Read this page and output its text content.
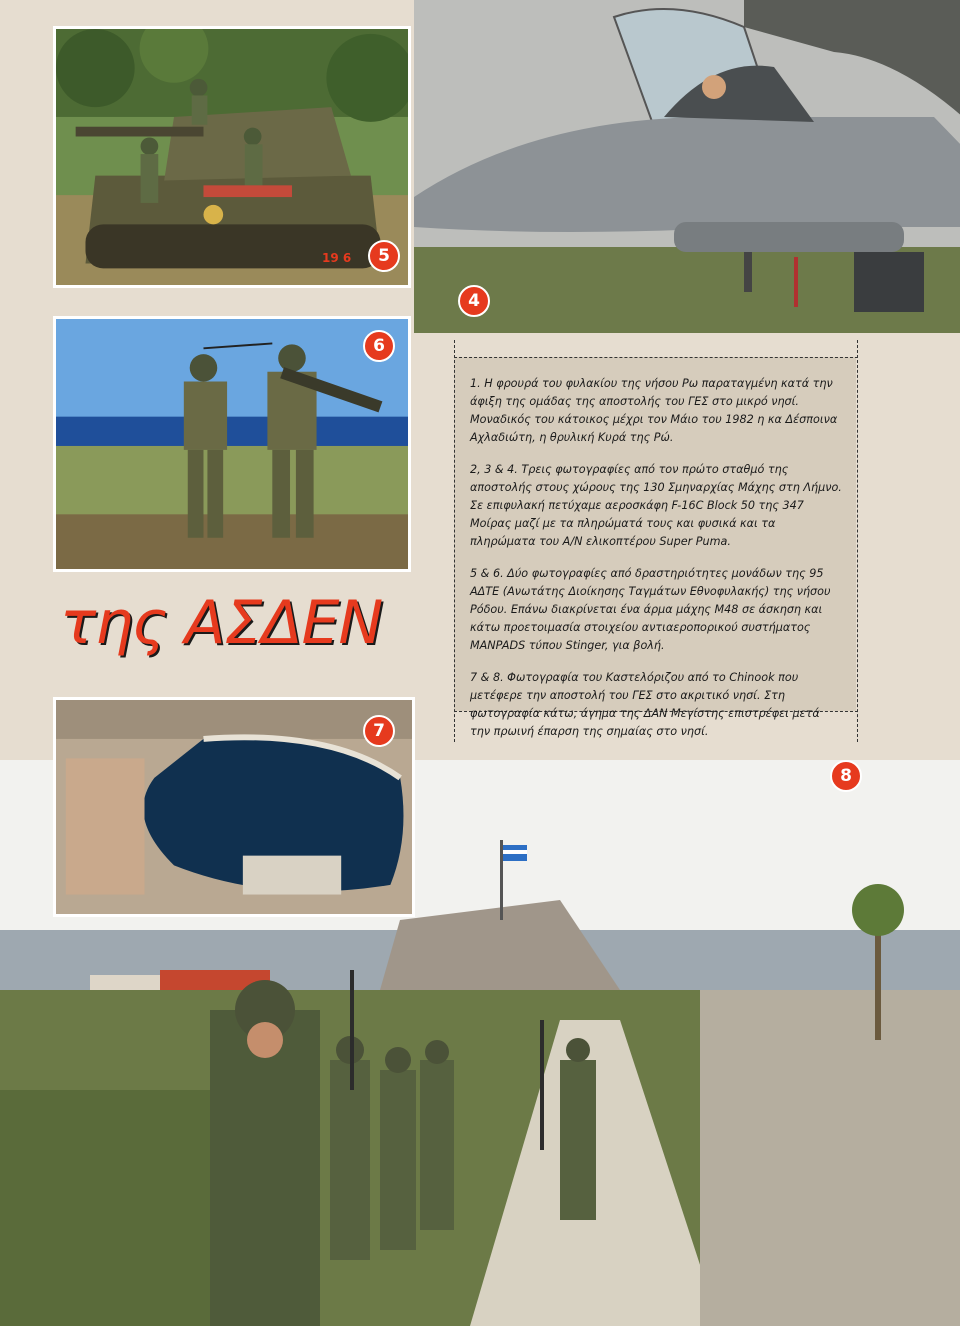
19 6	5
4
6
της ΑΣΔΕΝ

1. Η φρουρά του φυλακίου της νήσου Ρω παραταγμένη κατά την άφιξη της ομάδας της αποστολής του ΓΕΣ στο μικρό νησί. Μοναδικός του κάτοικος μέχρι τον Μάιο του 1982 η κα Δέσποινα Αχλαδιώτη, η θρυλική Κυρά της Ρώ.

2, 3 & 4. Τρεις φωτογραφίες από τον πρώτο σταθμό της αποστολής στους χώρους της 130 Σμηναρχίας Μάχης στη Λήμνο. Σε επιφυλακή πετύχαμε αεροσκάφη F-16C Block 50 της 347 Μοίρας μαζί με τα πληρώματά τους και φυσικά και τα πληρώματα του Α/Ν ελικοπτέρου Super Puma.

5 & 6. Δύο φωτογραφίες από δραστηριότητες μονάδων της 95 ΑΔΤΕ (Ανωτάτης Διοίκησης Ταγμάτων Εθνοφυλακής) της νήσου Ρόδου. Επάνω διακρίνεται ένα άρμα μάχης Μ48 σε άσκηση και κάτω προετοιμασία στοιχείου αντιαεροπορικού συστήματος MANPADS τύπου Stinger, για βολή.

7 & 8. Φωτογραφία του Καστελόριζου από το Chinook που μετέφερε την αποστολή του ΓΕΣ στο ακριτικό νησί. Στη φωτογραφία κάτω, άγημα της ΔΑΝ Μεγίστης επιστρέφει μετά την πρωινή έπαρση της σημαίας στο νησί.

7
8
